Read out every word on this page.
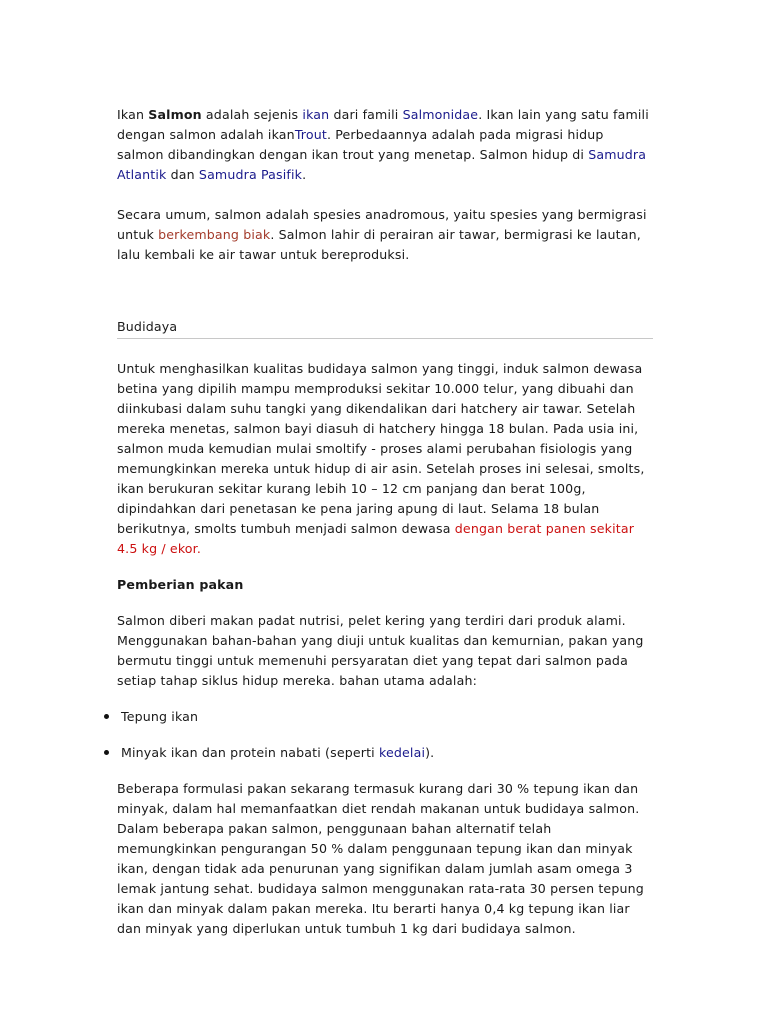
Ikan Salmon adalah sejenis ikan dari famili Salmonidae. Ikan lain yang satu famili dengan salmon adalah ikanTrout. Perbedaannya adalah pada migrasi hidup salmon dibandingkan dengan ikan trout yang menetap. Salmon hidup di Samudra Atlantik dan Samudra Pasifik.

Secara umum, salmon adalah spesies anadromous, yaitu spesies yang bermigrasi untuk berkembang biak. Salmon lahir di perairan air tawar, bermigrasi ke lautan, lalu kembali ke air tawar untuk bereproduksi.

Budidaya

Untuk menghasilkan kualitas budidaya salmon yang tinggi, induk salmon dewasa betina yang dipilih mampu memproduksi sekitar 10.000 telur, yang dibuahi dan diinkubasi dalam suhu tangki yang dikendalikan dari hatchery air tawar. Setelah mereka menetas, salmon bayi diasuh di hatchery hingga 18 bulan. Pada usia ini, salmon muda kemudian mulai smoltify - proses alami perubahan fisiologis yang memungkinkan mereka untuk hidup di air asin. Setelah proses ini selesai, smolts, ikan berukuran sekitar kurang lebih 10 – 12 cm panjang dan berat 100g, dipindahkan dari penetasan ke pena jaring apung di laut. Selama 18 bulan berikutnya, smolts tumbuh menjadi salmon dewasa dengan berat panen sekitar 4.5 kg / ekor.

Pemberian pakan

Salmon diberi makan padat nutrisi, pelet kering yang terdiri dari produk alami. Menggunakan bahan-bahan yang diuji untuk kualitas dan kemurnian, pakan yang bermutu tinggi untuk memenuhi persyaratan diet yang tepat dari salmon pada setiap tahap siklus hidup mereka. bahan utama adalah:

Tepung ikan
Minyak ikan dan protein nabati (seperti kedelai).

Beberapa formulasi pakan sekarang termasuk kurang dari 30 % tepung ikan dan minyak, dalam hal memanfaatkan diet rendah makanan untuk budidaya salmon. Dalam beberapa pakan salmon, penggunaan bahan alternatif telah memungkinkan pengurangan 50 % dalam penggunaan tepung ikan dan minyak ikan, dengan tidak ada penurunan yang signifikan dalam jumlah asam omega 3 lemak jantung sehat. budidaya salmon menggunakan rata-rata 30 persen tepung ikan dan minyak dalam pakan mereka. Itu berarti hanya 0,4 kg tepung ikan liar dan minyak yang diperlukan untuk tumbuh 1 kg dari budidaya salmon.
